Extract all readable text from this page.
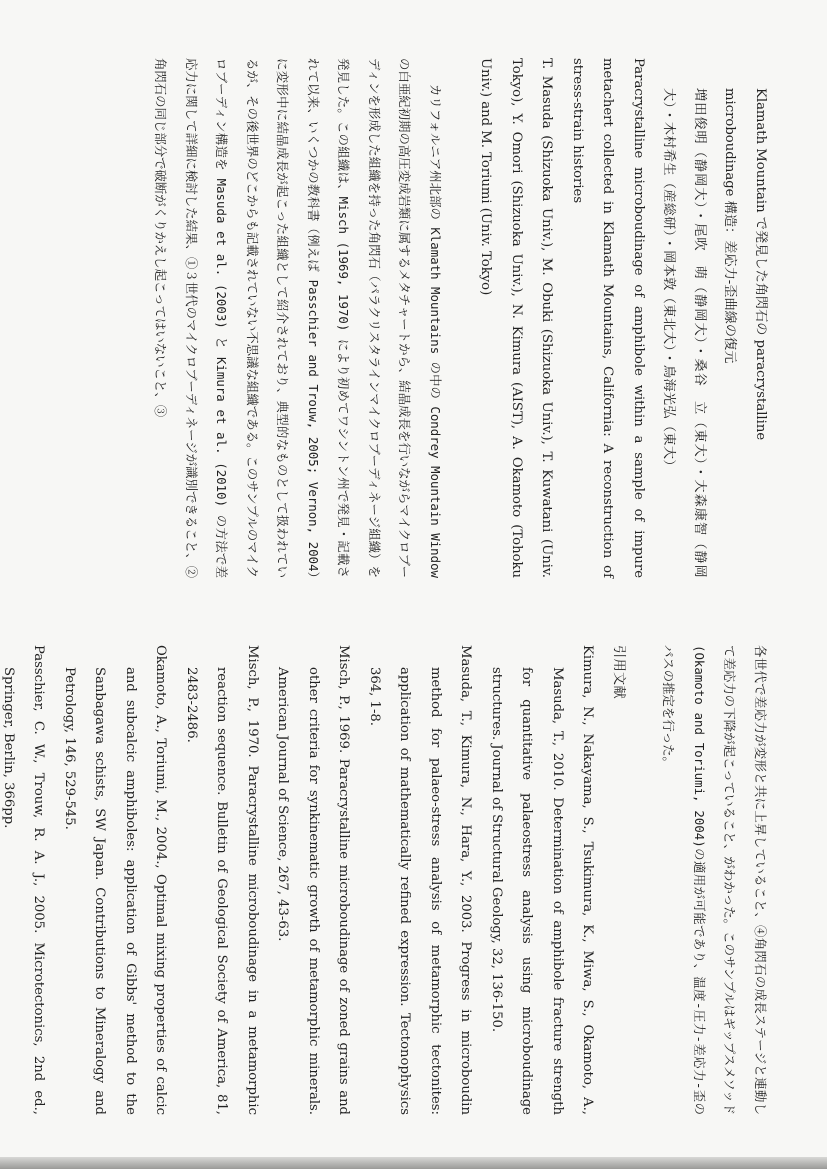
Klamath Mountain で発見した角閃石の paracrystalline

microboudinage 構造：差応力-歪曲線の復元

増田俊明（静岡大）・尾吹　萌（静岡大）・桑谷　立（東大）・大森康智（静岡大）・木村希生（産総研）・岡本敦（東北大）・鳥海光弘（東大）

Paracrystalline microboudinage of amphibole within a sample of impure metachert collected in Klamath Mountains, California: A reconstruction of stress-strain histories

T. Masuda (Shizuoka Univ.), M. Obuki (Shizuoka Univ.), T. Kuwatani (Univ. Tokyo), Y. Omori (Shizuoka Univ.), N. Kimura (AIST), A. Okamoto (Tohoku Univ.) and M. Toriumi (Univ. Tokyo)

カリフォルニア州北部の Klamath Mountains の中の Condrey Mountain Window の白亜紀初期の高圧変成岩類に属するメタチャートから、結晶成長を行いながらマイクロブーディンを形成した組織を持った角閃石（パラクリスタラインマイクロブーディネージ組織）を発見した。この組織は、Misch (1969, 1970) により初めてワシントン州で発見・記載されて以来、いくつかの教科書（例えば Passchier and Trouw, 2005; Vernon, 2004）に変形中に結晶成長が起こった組織として紹介されており、典型的なものとして扱われているが、その後世界のどこからも記載されていない不思議な組織である。このサンプルのマイクロブーディン構造を Masuda et al. (2003) と Kimura et al. (2010) の方法で差応力に関して詳細に検討した結果、①３世代のマイクロブーディネージが識別できること、②角閃石の同じ部分で破断がくりかえし起こってはいないこと、③

各世代で差応力が変形と共に上昇していること、④角閃石の成長ステージと連動して差応力の下降が起こっていること、がわかった。このサンプルはギップスメソッド(Okamoto and Toriumi, 2004)の適用が可能であり、温度-圧力-差応力-歪のパスの推定を行った。

引用文献

Kimura, N., Nakayama, S., Tsukimura, K., Miwa, S., Okamoto, A., Masuda, T., 2010. Determination of amphibole fracture strength for quantitative palaeostress analysis using microboudinage structures. Journal of Structural Geology, 32, 136-150.

Masuda, T., Kimura, N., Hara, Y., 2003. Progress in microboudin method for palaeo-stress analysis of metamorphic tectonites: application of mathematically refined expression. Tectonophysics 364, 1-8.

Misch, P., 1969. Paracrystalline microboudinage of zoned grains and other criteria for synkinematic growth of metamorphic minerals. American Journal of Science, 267, 43-63.

Misch, P., 1970. Paracrystalline microboudinage in a metamorphic reaction sequence. Bulletin of Geological Society of America, 81, 2483-2486.

Okamoto, A., Toriumi, M., 2004., Optimal mixing properties of calcic and subcalcic amphiboles: application of Gibbs' method to the Sanbagawa schists, SW Japan. Contributions to Mineralogy and Petrology, 146, 529-545.

Passchier, C. W., Trouw, R. A. J., 2005. Microtectonics, 2nd ed., Springer, Berlin, 366pp.
